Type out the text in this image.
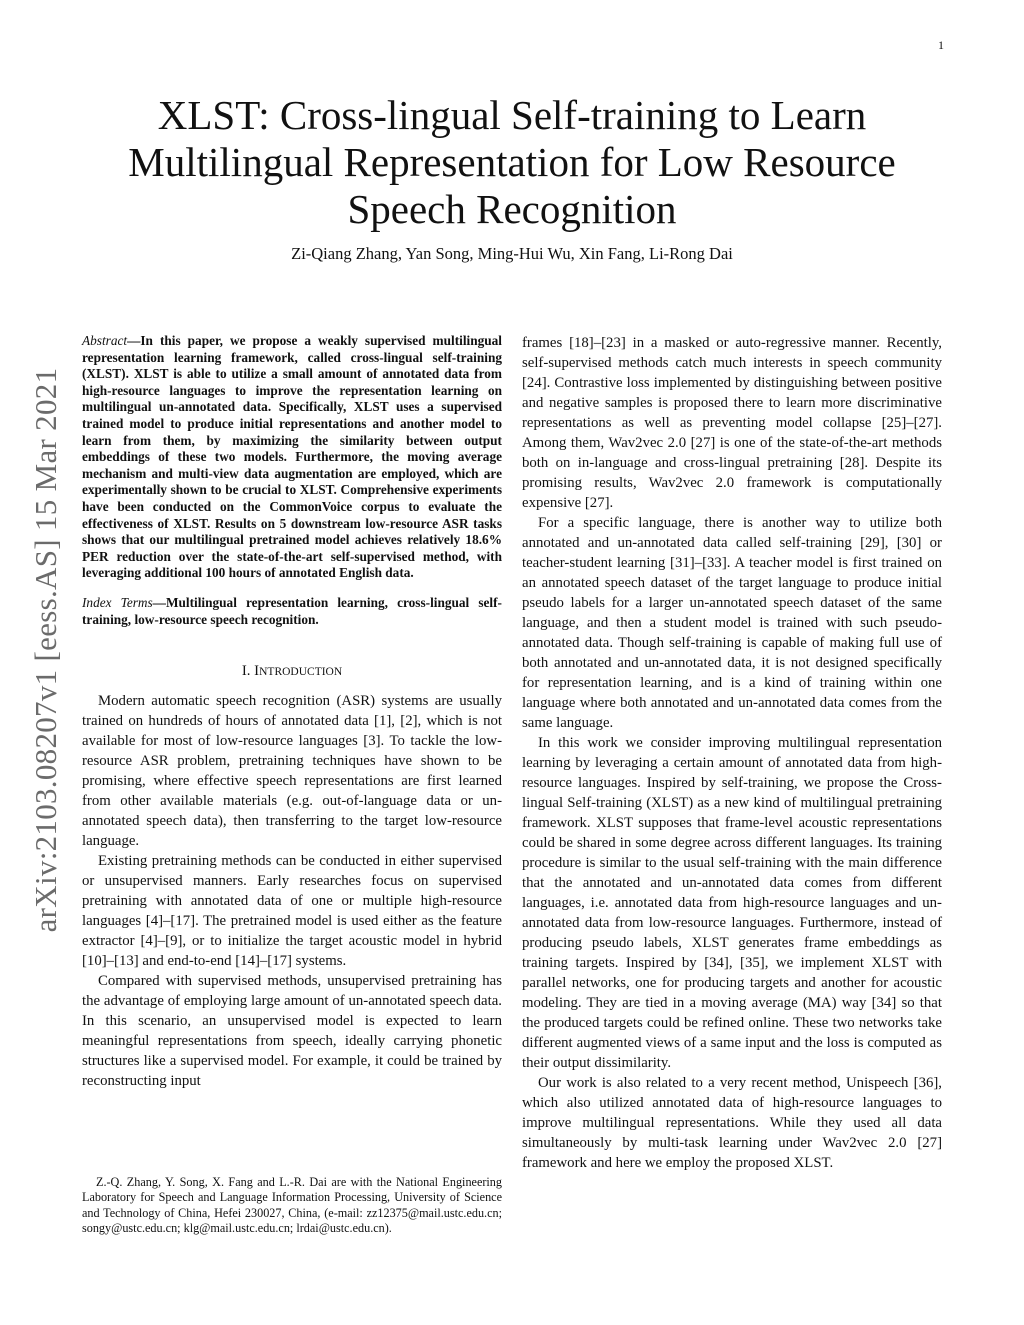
1
arXiv:2103.08207v1 [eess.AS] 15 Mar 2021
XLST: Cross-lingual Self-training to Learn
Multilingual Representation for Low Resource
Speech Recognition
Zi-Qiang Zhang, Yan Song, Ming-Hui Wu, Xin Fang, Li-Rong Dai

Abstract—In this paper, we propose a weakly supervised multilingual representation learning framework, called cross-lingual self-training (XLST). XLST is able to utilize a small amount of annotated data from high-resource languages to improve the representation learning on multilingual un-annotated data. Specifically, XLST uses a supervised trained model to produce initial representations and another model to learn from them, by maximizing the similarity between output embeddings of these two models. Furthermore, the moving average mechanism and multi-view data augmentation are employed, which are experimentally shown to be crucial to XLST. Comprehensive experiments have been conducted on the CommonVoice corpus to evaluate the effectiveness of XLST. Results on 5 downstream low-resource ASR tasks shows that our multilingual pretrained model achieves relatively 18.6% PER reduction over the state-of-the-art self-supervised method, with leveraging additional 100 hours of annotated English data.

Index Terms—Multilingual representation learning, cross-lingual self-training, low-resource speech recognition.

I. INTRODUCTION

Modern automatic speech recognition (ASR) systems are usually trained on hundreds of hours of annotated data [1], [2], which is not available for most of low-resource languages [3]. To tackle the low-resource ASR problem, pretraining techniques have shown to be promising, where effective speech representations are first learned from other available materials (e.g. out-of-language data or un-annotated speech data), then transferring to the target low-resource language.

Existing pretraining methods can be conducted in either supervised or unsupervised manners. Early researches focus on supervised pretraining with annotated data of one or multiple high-resource languages [4]–[17]. The pretrained model is used either as the feature extractor [4]–[9], or to initialize the target acoustic model in hybrid [10]–[13] and end-to-end [14]–[17] systems.

Compared with supervised methods, unsupervised pretraining has the advantage of employing large amount of un-annotated speech data. In this scenario, an unsupervised model is expected to learn meaningful representations from speech, ideally carrying phonetic structures like a supervised model. For example, it could be trained by reconstructing input

Z.-Q. Zhang, Y. Song, X. Fang and L.-R. Dai are with the National Engineering Laboratory for Speech and Language Information Processing, University of Science and Technology of China, Hefei 230027, China, (e-mail: zz12375@mail.ustc.edu.cn; songy@ustc.edu.cn; klg@mail.ustc.edu.cn; lrdai@ustc.edu.cn).

frames [18]–[23] in a masked or auto-regressive manner. Recently, self-supervised methods catch much interests in speech community [24]. Contrastive loss implemented by distinguishing between positive and negative samples is proposed there to learn more discriminative representations as well as preventing model collapse [25]–[27]. Among them, Wav2vec 2.0 [27] is one of the state-of-the-art methods both on in-language and cross-lingual pretraining [28]. Despite its promising results, Wav2vec 2.0 framework is computationally expensive [27].

For a specific language, there is another way to utilize both annotated and un-annotated data called self-training [29], [30] or teacher-student learning [31]–[33]. A teacher model is first trained on an annotated speech dataset of the target language to produce initial pseudo labels for a larger un-annotated speech dataset of the same language, and then a student model is trained with such pseudo-annotated data. Though self-training is capable of making full use of both annotated and un-annotated data, it is not designed specifically for representation learning, and is a kind of training within one language where both annotated and un-annotated data comes from the same language.

In this work we consider improving multilingual representation learning by leveraging a certain amount of annotated data from high-resource languages. Inspired by self-training, we propose the Cross-lingual Self-training (XLST) as a new kind of multilingual pretraining framework. XLST supposes that frame-level acoustic representations could be shared in some degree across different languages. Its training procedure is similar to the usual self-training with the main difference that the annotated and un-annotated data comes from different languages, i.e. annotated data from high-resource languages and un-annotated data from low-resource languages. Furthermore, instead of producing pseudo labels, XLST generates frame embeddings as training targets. Inspired by [34], [35], we implement XLST with parallel networks, one for producing targets and another for acoustic modeling. They are tied in a moving average (MA) way [34] so that the produced targets could be refined online. These two networks take different augmented views of a same input and the loss is computed as their output dissimilarity.

Our work is also related to a very recent method, Unispeech [36], which also utilized annotated data of high-resource languages to improve multilingual representations. While they used all data simultaneously by multi-task learning under Wav2vec 2.0 [27] framework and here we employ the proposed XLST.
